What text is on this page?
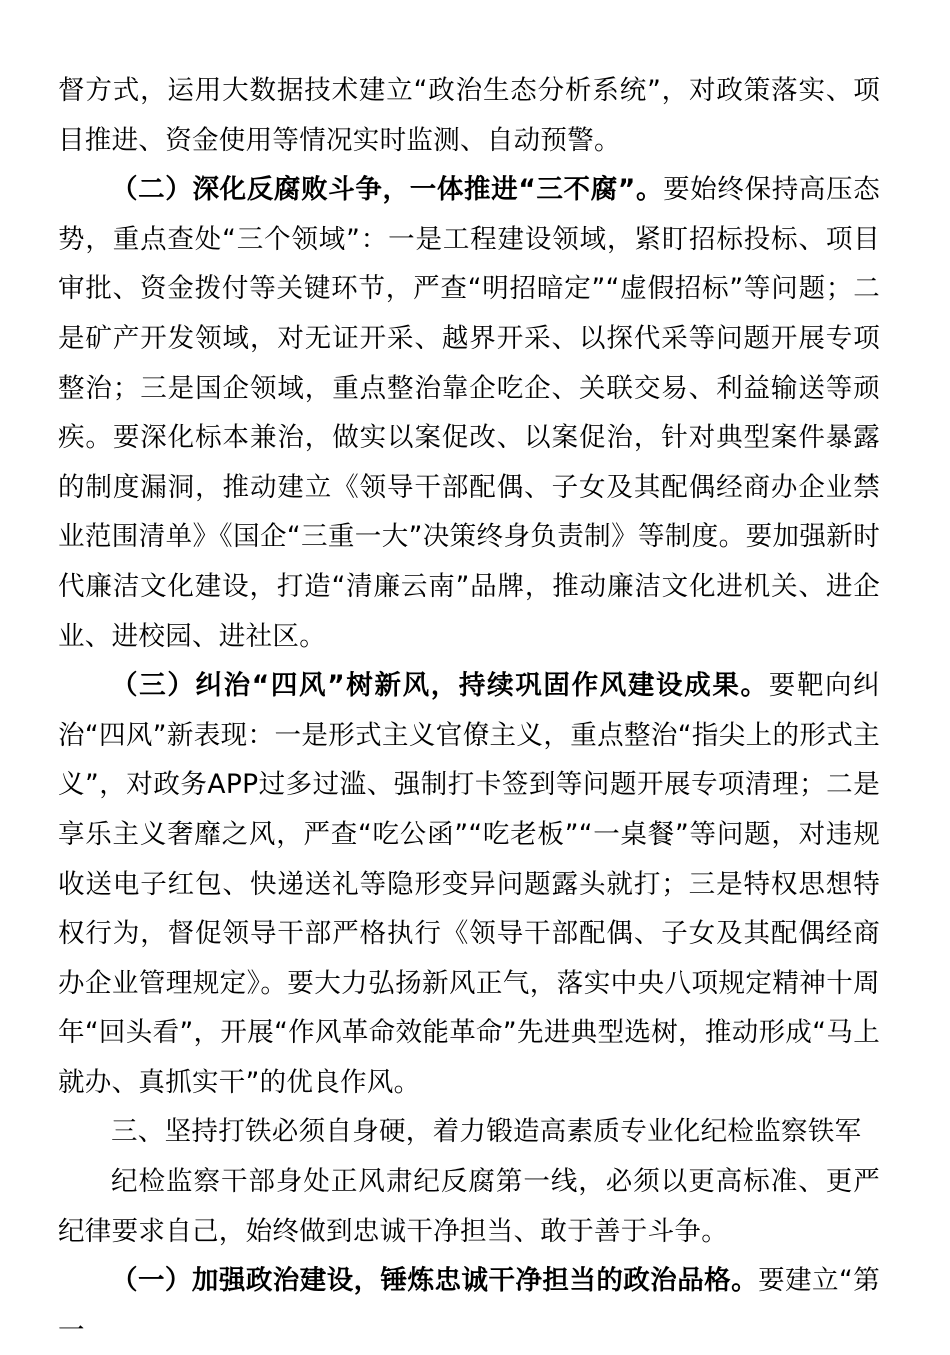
督方式，运用大数据技术建立“政治生态分析系统”，对政策落实、项目推进、资金使用等情况实时监测、自动预警。

（二）深化反腐败斗争，一体推进“三不腐”。要始终保持高压态势，重点查处“三个领域”：一是工程建设领域，紧盯招标投标、项目审批、资金拨付等关键环节，严查“明招暗定”“虚假招标”等问题；二是矿产开发领域，对无证开采、越界开采、以探代采等问题开展专项整治；三是国企领域，重点整治靠企吃企、关联交易、利益输送等顽疾。要深化标本兼治，做实以案促改、以案促治，针对典型案件暴露的制度漏洞，推动建立《领导干部配偶、子女及其配偶经商办企业禁业范围清单》《国企“三重一大”决策终身负责制》等制度。要加强新时代廉洁文化建设，打造“清廉云南”品牌，推动廉洁文化进机关、进企业、进校园、进社区。

（三）纠治“四风”树新风，持续巩固作风建设成果。要靶向纠治“四风”新表现：一是形式主义官僚主义，重点整治“指尖上的形式主义”，对政务APP过多过滥、强制打卡签到等问题开展专项清理；二是享乐主义奢靡之风，严查“吃公函”“吃老板”“一桌餐”等问题，对违规收送电子红包、快递送礼等隐形变异问题露头就打；三是特权思想特权行为，督促领导干部严格执行《领导干部配偶、子女及其配偶经商办企业管理规定》。要大力弘扬新风正气，落实中央八项规定精神十周年“回头看”，开展“作风革命效能革命”先进典型选树，推动形成“马上就办、真抓实干”的优良作风。

三、坚持打铁必须自身硬，着力锻造高素质专业化纪检监察铁军

纪检监察干部身处正风肃纪反腐第一线，必须以更高标准、更严纪律要求自己，始终做到忠诚干净担当、敢于善于斗争。

（一）加强政治建设，锤炼忠诚干净担当的政治品格。要建立“第一
